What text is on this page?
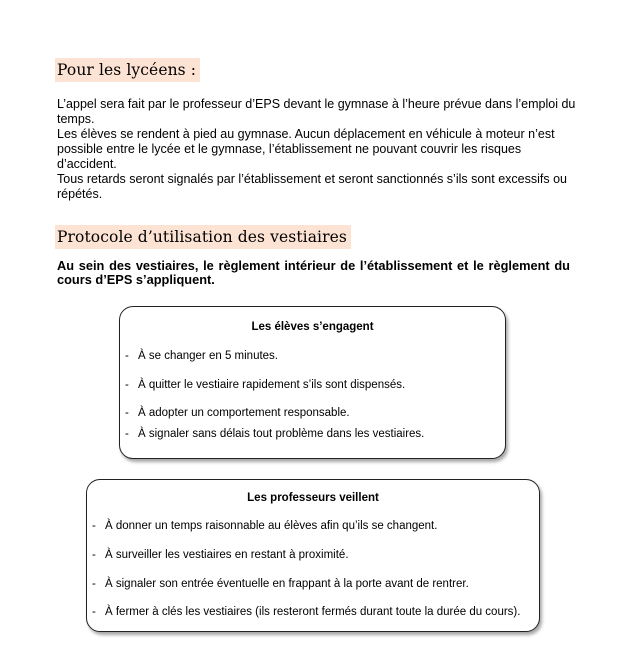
Pour les lycéens :

L’appel sera fait par le professeur d’EPS devant le gymnase à l’heure prévue dans l’emploi du temps.

Les élèves se rendent à pied au gymnase. Aucun déplacement en véhicule à moteur n’est possible entre le lycée et le gymnase, l’établissement ne pouvant couvrir les risques d’accident.

Tous retards seront signalés par l’établissement et seront sanctionnés s’ils sont excessifs ou répétés.

Protocole d’utilisation des vestiaires
Au sein des vestiaires, le règlement intérieur de l’établissement et le règlement du cours d’EPS s’appliquent.
Les élèves s’engagent
- À se changer en 5 minutes.
- À quitter le vestiaire rapidement s’ils sont dispensés.
- À adopter un comportement responsable.
- À signaler sans délais tout problème dans les vestiaires.
Les professeurs veillent
- À donner un temps raisonnable au élèves afin qu’ils se changent.
- À surveiller les vestiaires en restant à proximité.
- À signaler son entrée éventuelle en frappant à la porte avant de rentrer.
- À fermer à clés les vestiaires (ils resteront fermés durant toute la durée du cours).
